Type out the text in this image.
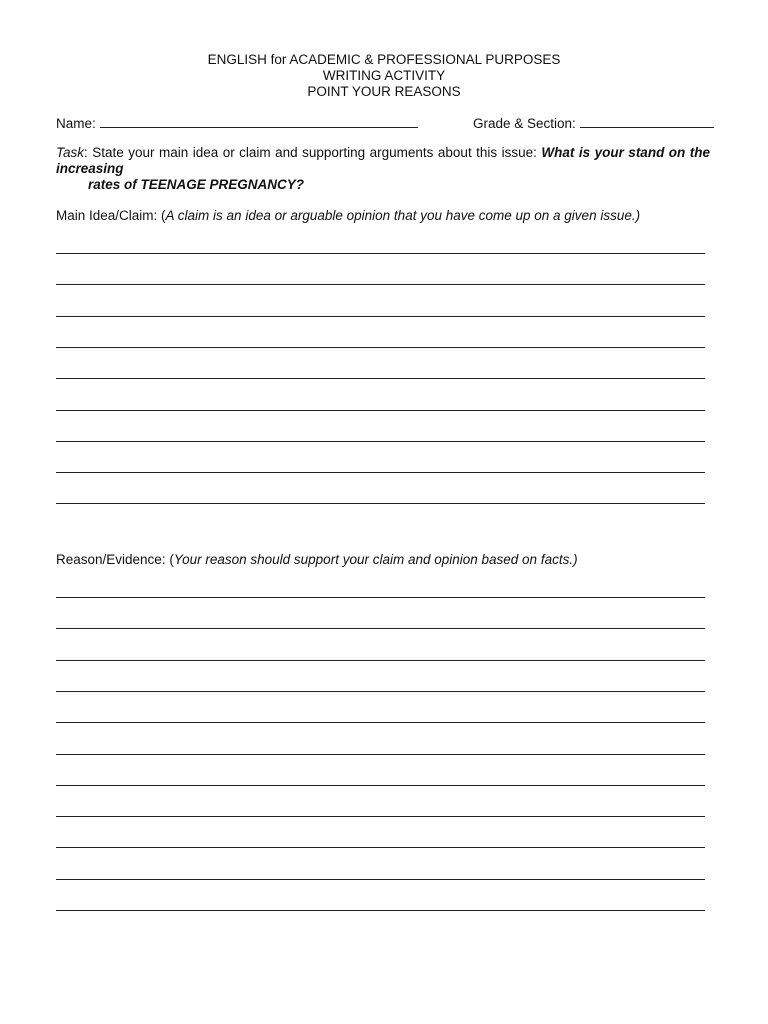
ENGLISH for ACADEMIC & PROFESSIONAL PURPOSES
WRITING ACTIVITY
POINT YOUR REASONS
Name:	Grade & Section:
Task: State your main idea or claim and supporting arguments about this issue: What is your stand on the
increasing
rates of TEENAGE PREGNANCY?
Main Idea/Claim: (A claim is an idea or arguable opinion that you have come up on a given issue.)
Reason/Evidence: (Your reason should support your claim and opinion based on facts.)
